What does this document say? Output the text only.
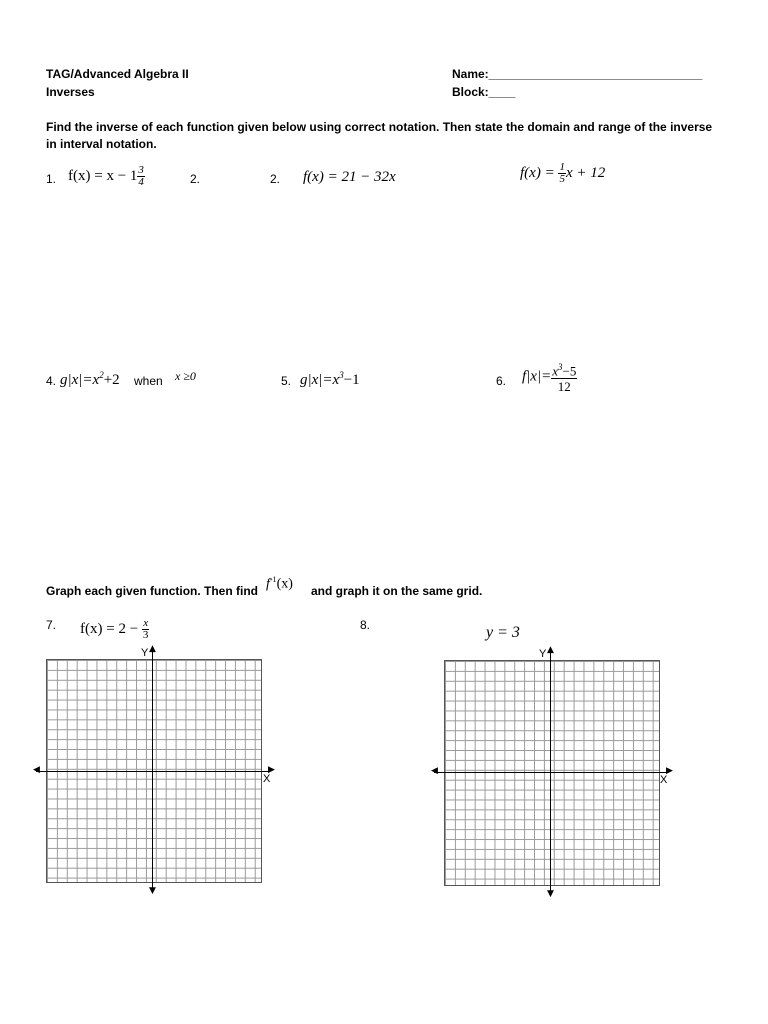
TAG/Advanced Algebra II
Inverses
Name:________________________________
Block:____
Find the inverse of each function given below using correct notation. Then state the domain and range of the inverse
in interval notation.
1. $f(x) = x - 1 \frac{3}{4}$	2.	2. f(x) = 21 − 32x	$f(x) = \frac{1}{5}$ x + 12
4. $g|x|=x^2+2$ when x ≥0	5. $g|x|=x^3-1$	6. $f|x|= \frac{x^3-5}{12}$
Graph each given function. Then find $f^{-1}(x)$ and graph it on the same grid.
7. $f(x) = 2 - \frac{x}{3}$
◀	▶
▲
▼
Y
X
8.	y = 3
◀	▶
▲
▼
Y
X
